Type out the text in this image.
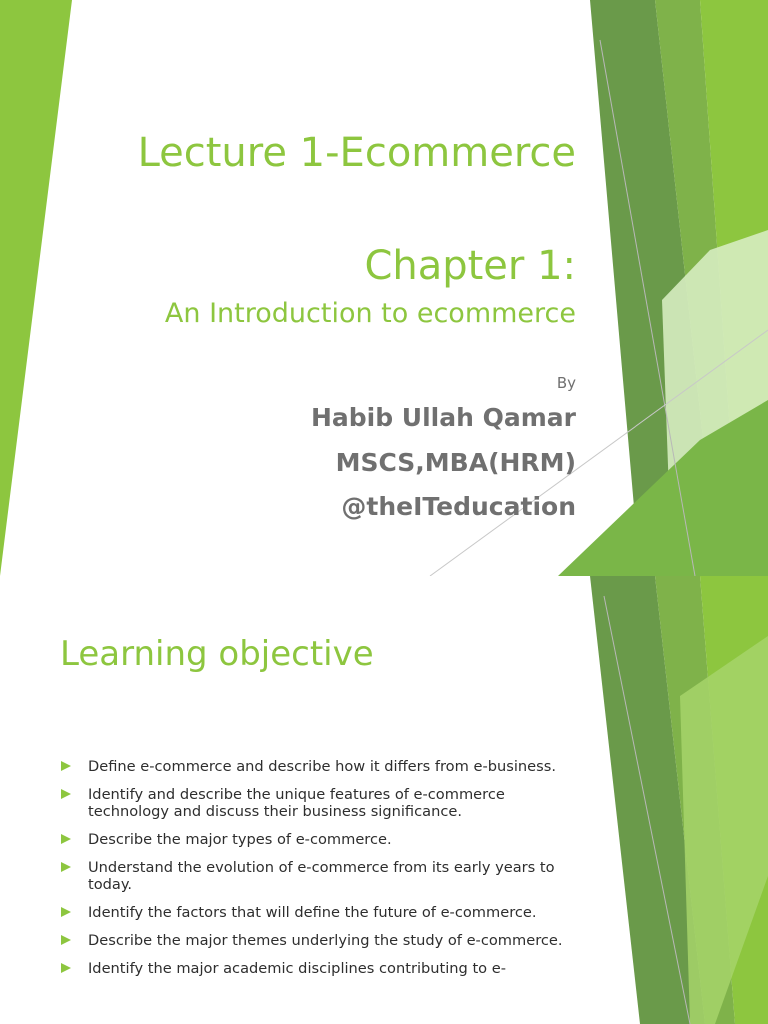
Lecture 1-Ecommerce
Chapter 1:
An Introduction to ecommerce
By
Habib Ullah Qamar
MSCS,MBA(HRM)
@theITeducation
Learning objective
Define e-commerce and describe how it differs from e-business.
Identify and describe the unique features of e-commerce technology and discuss their business significance.
Describe the major types of e-commerce.
Understand the evolution of e-commerce from its early years to today.
Identify the factors that will define the future of e-commerce.
Describe the major themes underlying the study of e-commerce.
Identify the major academic disciplines contributing to e-
